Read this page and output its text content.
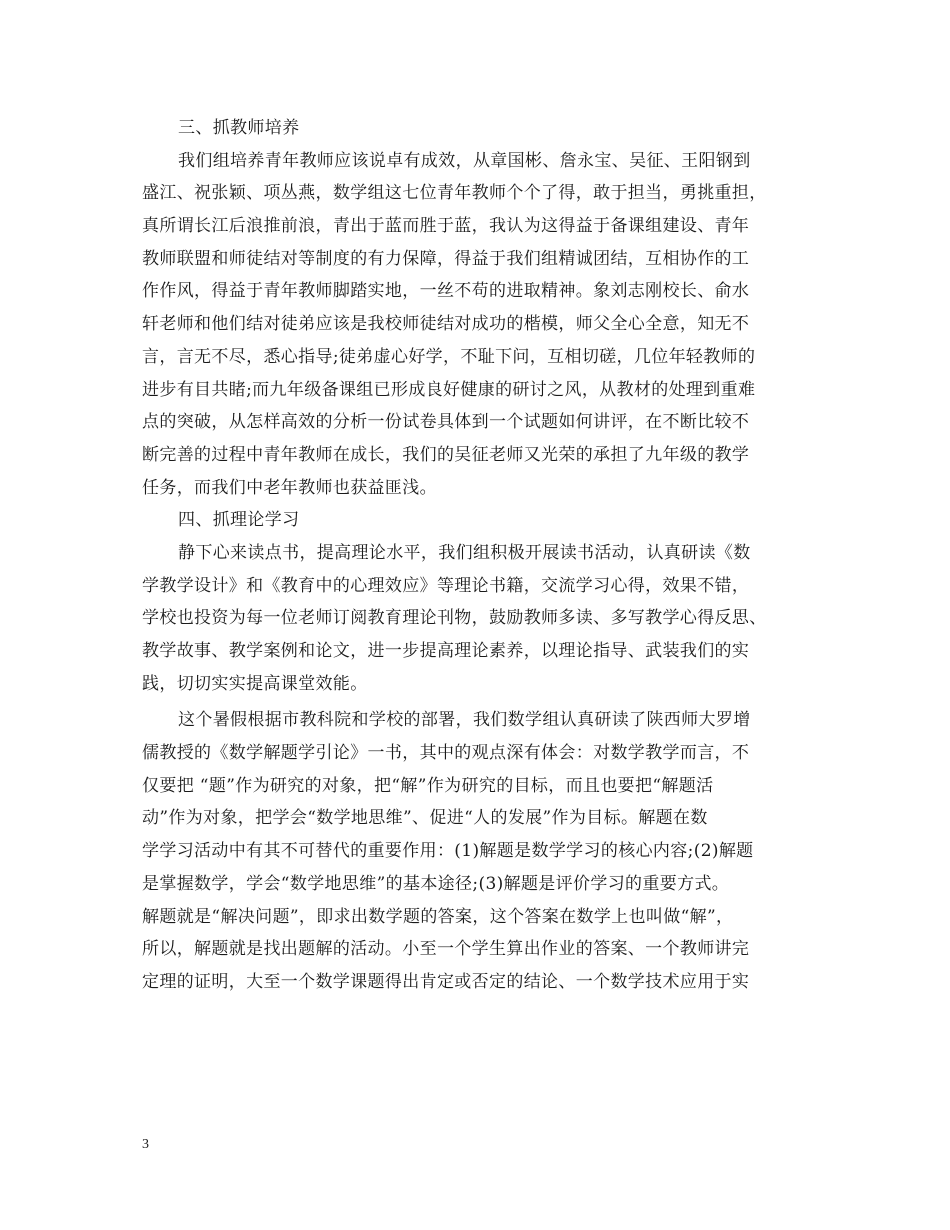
三、抓教师培养
我们组培养青年教师应该说卓有成效，从章国彬、詹永宝、吴征、王阳钢到
盛江、祝张颖、项丛燕，数学组这七位青年教师个个了得，敢于担当，勇挑重担，
真所谓长江后浪推前浪，青出于蓝而胜于蓝，我认为这得益于备课组建设、青年
教师联盟和师徒结对等制度的有力保障，得益于我们组精诚团结，互相协作的工
作作风，得益于青年教师脚踏实地，一丝不苟的进取精神。象刘志刚校长、俞水
轩老师和他们结对徒弟应该是我校师徒结对成功的楷模，师父全心全意，知无不
言，言无不尽，悉心指导;徒弟虚心好学，不耻下问，互相切磋，几位年轻教师的
进步有目共睹;而九年级备课组已形成良好健康的研讨之风，从教材的处理到重难
点的突破，从怎样高效的分析一份试卷具体到一个试题如何讲评，在不断比较不
断完善的过程中青年教师在成长，我们的吴征老师又光荣的承担了九年级的教学
任务，而我们中老年教师也获益匪浅。
四、抓理论学习
静下心来读点书，提高理论水平，我们组积极开展读书活动，认真研读《数
学教学设计》和《教育中的心理效应》等理论书籍，交流学习心得，效果不错，
学校也投资为每一位老师订阅教育理论刊物，鼓励教师多读、多写教学心得反思、
教学故事、教学案例和论文，进一步提高理论素养，以理论指导、武装我们的实
践，切切实实提高课堂效能。
这个暑假根据市教科院和学校的部署，我们数学组认真研读了陕西师大罗增
儒教授的《数学解题学引论》一书，其中的观点深有体会：对数学教学而言，不
仅要把 “题”作为研究的对象，把“解”作为研究的目标，而且也要把“解题活
动”作为对象，把学会“数学地思维”、促进“人的发展”作为目标。解题在数
学学习活动中有其不可替代的重要作用：(1)解题是数学学习的核心内容;(2)解题
是掌握数学，学会“数学地思维”的基本途径;(3)解题是评价学习的重要方式。
解题就是“解决问题”，即求出数学题的答案，这个答案在数学上也叫做“解”，
所以，解题就是找出题解的活动。小至一个学生算出作业的答案、一个教师讲完
定理的证明，大至一个数学课题得出肯定或否定的结论、一个数学技术应用于实
3
